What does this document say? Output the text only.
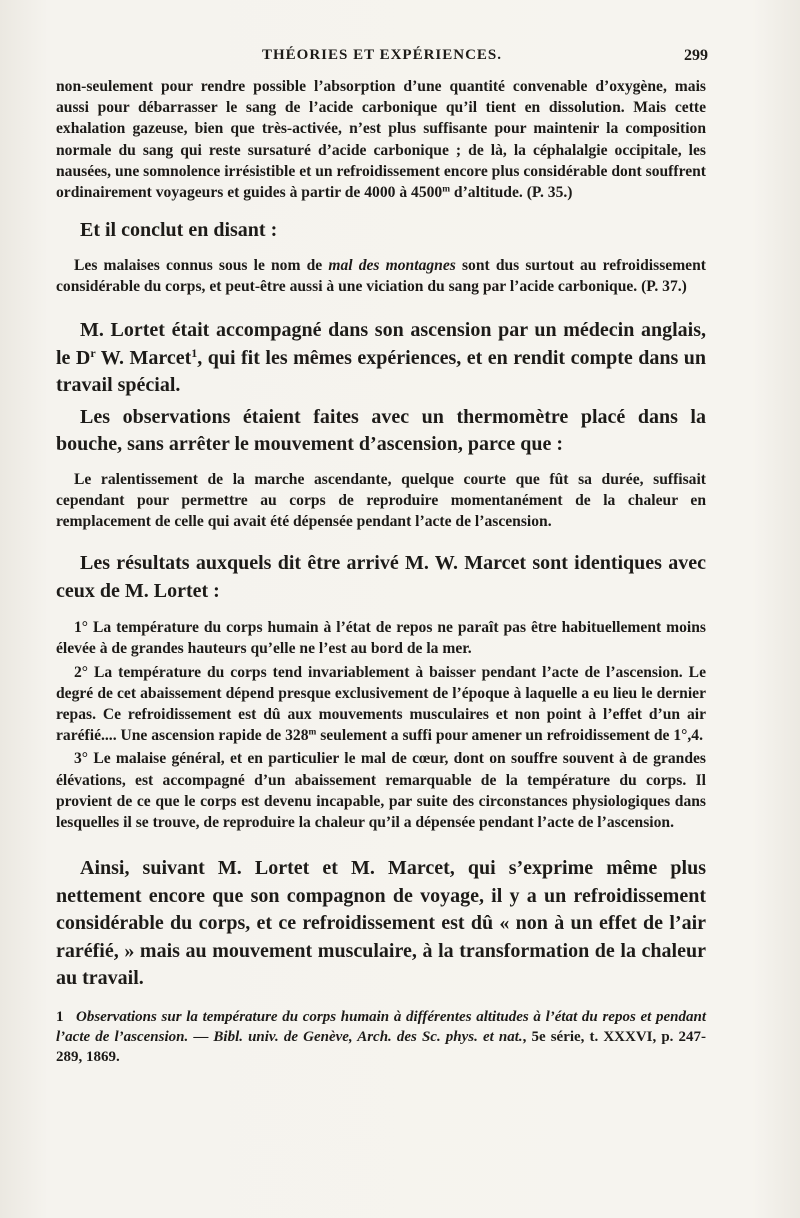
THÉORIES ET EXPÉRIENCES.	299

non-seulement pour rendre possible l’absorption d’une quantité convenable d’oxygène, mais aussi pour débarrasser le sang de l’acide carbonique qu’il tient en dissolution. Mais cette exhalation gazeuse, bien que très-activée, n’est plus suffisante pour maintenir la composition normale du sang qui reste sursaturé d’acide carbonique ; de là, la céphalalgie occipitale, les nausées, une somnolence irrésistible et un refroidissement encore plus considérable dont souffrent ordinairement voyageurs et guides à partir de 4000 à 4500$^m$ d’altitude. (P. 35.)

Et il conclut en disant :

Les malaises connus sous le nom de mal des montagnes sont dus surtout au refroidissement considérable du corps, et peut-être aussi à une viciation du sang par l’acide carbonique. (P. 37.)

M. Lortet était accompagné dans son ascension par un médecin anglais, le $D^r$ W. Marcet$^1$, qui fit les mêmes expériences, et en rendit compte dans un travail spécial.

Les observations étaient faites avec un thermomètre placé dans la bouche, sans arrêter le mouvement d’ascension, parce que :

Le ralentissement de la marche ascendante, quelque courte que fût sa durée, suffisait cependant pour permettre au corps de reproduire momentanément de la chaleur en remplacement de celle qui avait été dépensée pendant l’acte de l’ascension.

Les résultats auxquels dit être arrivé M. W. Marcet sont identiques avec ceux de M. Lortet :

1° La température du corps humain à l’état de repos ne paraît pas être habituellement moins élevée à de grandes hauteurs qu’elle ne l’est au bord de la mer.

2° La température du corps tend invariablement à baisser pendant l’acte de l’ascension. Le degré de cet abaissement dépend presque exclusivement de l’époque à laquelle a eu lieu le dernier repas. Ce refroidissement est dû aux mouvements musculaires et non point à l’effet d’un air raréfié.... Une ascension rapide de 328$^m$ seulement a suffi pour amener un refroidissement de 1°,4.

3° Le malaise général, et en particulier le mal de cœur, dont on souffre souvent à de grandes élévations, est accompagné d’un abaissement remarquable de la température du corps. Il provient de ce que le corps est devenu incapable, par suite des circonstances physiologiques dans lesquelles il se trouve, de reproduire la chaleur qu’il a dépensée pendant l’acte de l’ascension.

Ainsi, suivant M. Lortet et M. Marcet, qui s’exprime même plus nettement encore que son compagnon de voyage, il y a un refroidissement considérable du corps, et ce refroidissement est dû « non à un effet de l’air raréfié, » mais au mouvement musculaire, à la transformation de la chaleur au travail.

1 Observations sur la température du corps humain à différentes altitudes à l’état du repos et pendant l’acte de l’ascension. — Bibl. univ. de Genève, Arch. des Sc. phys. et nat., 5e série, t. XXXVI, p. 247-289, 1869.
